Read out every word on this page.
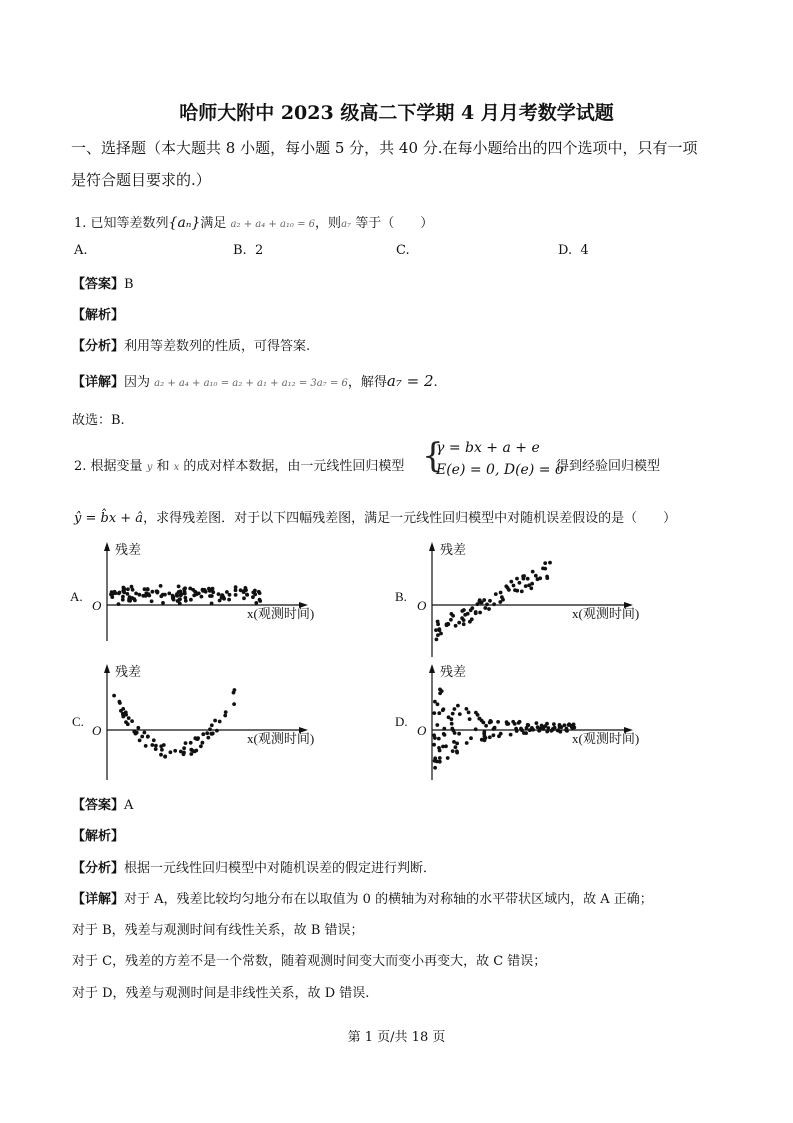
哈师大附中 2023 级高二下学期 4 月月考数学试题
一、选择题（本大题共 8 小题，每小题 5 分，共 40 分.在每小题给出的四个选项中，只有一项
是符合题目要求的.）
1. 已知等差数列{aₙ}满足 a₂ + a₄ + a₁₀ = 6，则a₇ 等于（　　）
A.	B. 2	C.	D. 4
【答案】B
【解析】
【分析】利用等差数列的性质，可得答案.
【详解】因为 a₂ + a₄ + a₁₀ = a₂ + a₁ + a₁₂ = 3a₇ = 6，解得a₇ = 2.
故选：B.
2. 根据变量 y 和 x 的成对样本数据，由一元线性回归模型 {
γ = bx + a + e
E(e) = 0, D(e) = σ
得到经验回归模型
ŷ = b̂x + â，求得残差图．对于以下四幅残差图，满足一元线性回归模型中对随机误差假设的是（　　）
A.
残差
O
x(观测时间)
B.
残差
O
x(观测时间)
C.
残差
O
x(观测时间)
D.
残差
O
x(观测时间)
【答案】A
【解析】
【分析】根据一元线性回归模型中对随机误差的假定进行判断．
【详解】对于 A，残差比较均匀地分布在以取值为 0 的横轴为对称轴的水平带状区域内，故 A 正确；
对于 B，残差与观测时间有线性关系，故 B 错误；
对于 C，残差的方差不是一个常数，随着观测时间变大而变小再变大，故 C 错误；
对于 D，残差与观测时间是非线性关系，故 D 错误.
第 1 页/共 18 页
